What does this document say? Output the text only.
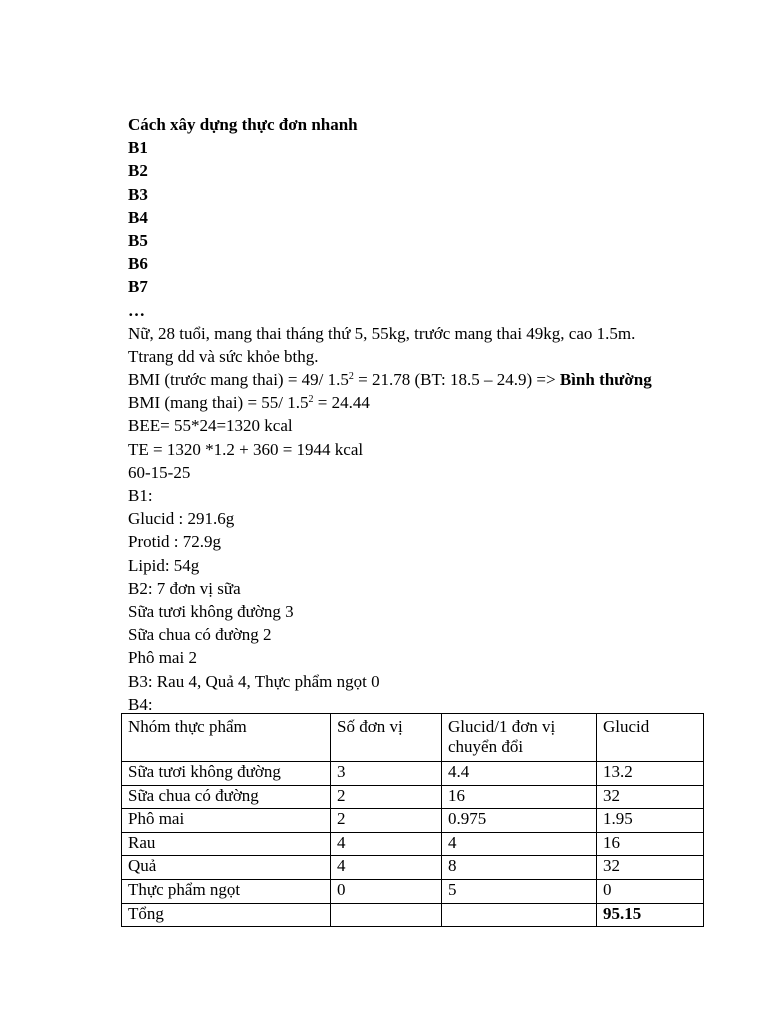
Cách xây dựng thực đơn nhanh
B1
B2
B3
B4
B5
B6
B7
…
Nữ, 28 tuổi, mang thai tháng thứ 5, 55kg, trước mang thai 49kg, cao 1.5m.
Ttrang dd và sức khỏe bthg.
BMI (trước mang thai) = 49/ $1.5^2 = 21.78$ (BT: 18.5 – 24.9) => Bình thường
BMI (mang thai) = 55/ $1.5^2 = 24.44$
BEE= 55*24=1320 kcal
TE = 1320 *1.2 + 360 = 1944 kcal
60-15-25
B1:
Glucid : 291.6g
Protid : 72.9g
Lipid: 54g
B2: 7 đơn vị sữa
Sữa tươi không đường 3
Sữa chua có đường 2
Phô mai 2
B3: Rau 4, Quả 4, Thực phẩm ngọt 0
B4:
Nhóm thực phẩm	Số đơn vị	Glucid/1 đơn vị chuyển đổi	Glucid
Sữa tươi không đường	3	4.4	13.2
Sữa chua có đường	2	16	32
Phô mai	2	0.975	1.95
Rau	4	4	16
Quả	4	8	32
Thực phẩm ngọt	0	5	0
Tổng			95.15
